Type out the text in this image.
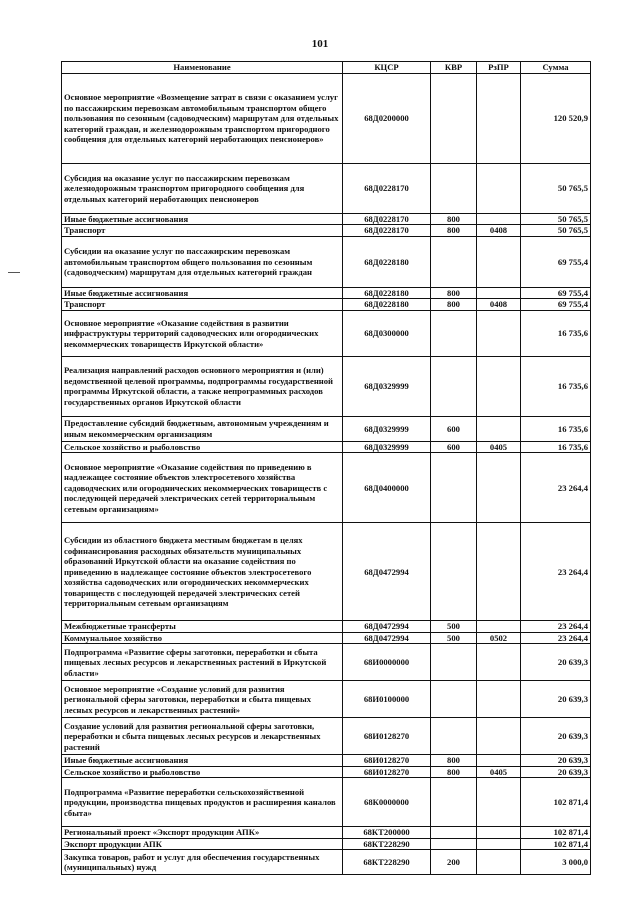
101
Наименование	КЦСР	КВР	РзПР	Сумма
Основное мероприятие «Возмещение затрат в связи с оказанием услуг по пассажирским перевозкам автомобильным транспортом общего пользования по сезонным (садоводческим) маршрутам для отдельных категорий граждан, и железнодорожным транспортом пригородного сообщения для отдельных категорий неработающих пенсионеров»	68Д0200000			120 520,9
Субсидия на оказание услуг по пассажирским перевозкам железнодорожным транспортом пригородного сообщения для отдельных категорий неработающих пенсионеров	68Д0228170			50 765,5
Иные бюджетные ассигнования	68Д0228170	800		50 765,5
Транспорт	68Д0228170	800	0408	50 765,5
Субсидии на оказание услуг по пассажирским перевозкам автомобильным транспортом общего пользования по сезонным (садоводческим) маршрутам для отдельных категорий граждан	68Д0228180			69 755,4
Иные бюджетные ассигнования	68Д0228180	800		69 755,4
Транспорт	68Д0228180	800	0408	69 755,4
Основное мероприятие «Оказание содействия в развитии инфраструктуры территорий садоводческих или огороднических некоммерческих товариществ Иркутской области»	68Д0300000			16 735,6
Реализация направлений расходов основного мероприятия и (или) ведомственной целевой программы, подпрограммы государственной программы Иркутской области, а также непрограммных расходов государственных органов Иркутской области	68Д0329999			16 735,6
Предоставление субсидий бюджетным, автономным учреждениям и иным некоммерческим организациям	68Д0329999	600		16 735,6
Сельское хозяйство и рыболовство	68Д0329999	600	0405	16 735,6
Основное мероприятие «Оказание содействия по приведению в надлежащее состояние объектов электросетевого хозяйства садоводческих или огороднических некоммерческих товариществ с последующей передачей электрических сетей территориальным сетевым организациям»	68Д0400000			23 264,4
Субсидии из областного бюджета местным бюджетам в целях софинансирования расходных обязательств муниципальных образований Иркутской области на оказание содействия по приведению в надлежащее состояние объектов электросетевого хозяйства садоводческих или огороднических некоммерческих товариществ с последующей передачей электрических сетей территориальным сетевым организациям	68Д0472994			23 264,4
Межбюджетные трансферты	68Д0472994	500		23 264,4
Коммунальное хозяйство	68Д0472994	500	0502	23 264,4
Подпрограмма «Развитие сферы заготовки, переработки и сбыта пищевых лесных ресурсов и лекарственных растений в Иркутской области»	68И0000000			20 639,3
Основное мероприятие «Создание условий для развития региональной сферы заготовки, переработки и сбыта пищевых лесных ресурсов и лекарственных растений»	68И0100000			20 639,3
Создание условий для развития региональной сферы заготовки, переработки и сбыта пищевых лесных ресурсов и лекарственных растений	68И0128270			20 639,3
Иные бюджетные ассигнования	68И0128270	800		20 639,3
Сельское хозяйство и рыболовство	68И0128270	800	0405	20 639,3
Подпрограмма «Развитие переработки сельскохозяйственной продукции, производства пищевых продуктов и расширения каналов сбыта»	68К0000000			102 871,4
Региональный проект «Экспорт продукции АПК»	68КТ200000			102 871,4
Экспорт продукции АПК	68КТ228290			102 871,4
Закупка товаров, работ и услуг для обеспечения государственных (муниципальных) нужд	68КТ228290	200		3 000,0
